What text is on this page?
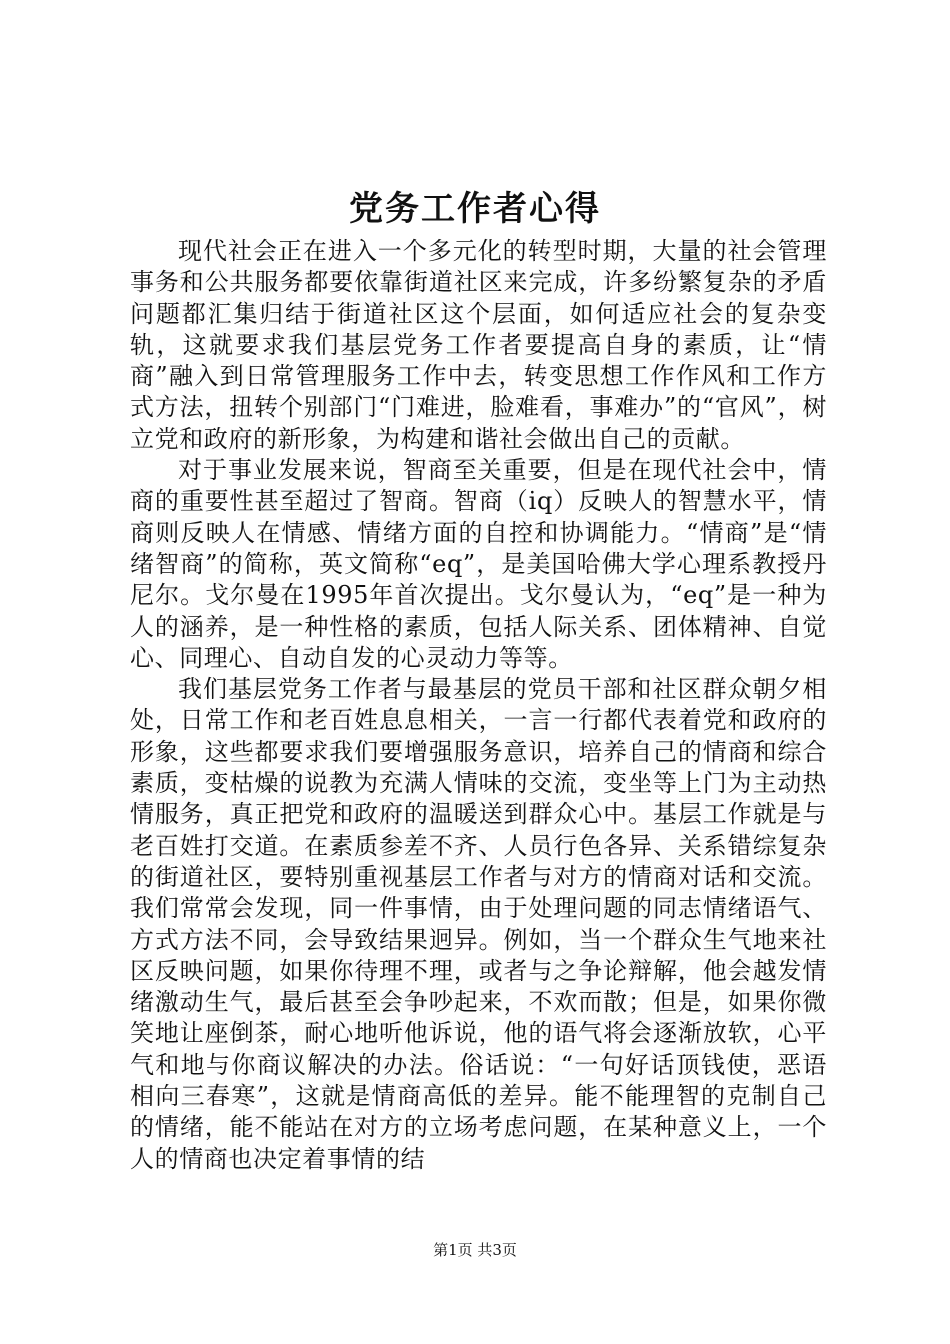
党务工作者心得

现代社会正在进入一个多元化的转型时期，大量的社会管理事务和公共服务都要依靠街道社区来完成，许多纷繁复杂的矛盾问题都汇集归结于街道社区这个层面，如何适应社会的复杂变轨，这就要求我们基层党务工作者要提高自身的素质，让“情商”融入到日常管理服务工作中去，转变思想工作作风和工作方式方法，扭转个别部门“门难进，脸难看，事难办”的“官风”，树立党和政府的新形象，为构建和谐社会做出自己的贡献。

对于事业发展来说，智商至关重要，但是在现代社会中，情商的重要性甚至超过了智商。智商（iq）反映人的智慧水平，情商则反映人在情感、情绪方面的自控和协调能力。“情商”是“情绪智商”的简称，英文简称“eq”，是美国哈佛大学心理系教授丹尼尔。戈尔曼在1995年首次提出。戈尔曼认为，“eq”是一种为人的涵养，是一种性格的素质，包括人际关系、团体精神、自觉心、同理心、自动自发的心灵动力等等。

我们基层党务工作者与最基层的党员干部和社区群众朝夕相处，日常工作和老百姓息息相关，一言一行都代表着党和政府的形象，这些都要求我们要增强服务意识，培养自己的情商和综合素质，变枯燥的说教为充满人情味的交流，变坐等上门为主动热情服务，真正把党和政府的温暖送到群众心中。基层工作就是与老百姓打交道。在素质参差不齐、人员行色各异、关系错综复杂的街道社区，要特别重视基层工作者与对方的情商对话和交流。我们常常会发现，同一件事情，由于处理问题的同志情绪语气、方式方法不同，会导致结果迥异。例如，当一个群众生气地来社区反映问题，如果你待理不理，或者与之争论辩解，他会越发情绪激动生气，最后甚至会争吵起来，不欢而散；但是，如果你微笑地让座倒茶，耐心地听他诉说，他的语气将会逐渐放软，心平气和地与你商议解决的办法。俗话说：“一句好话顶钱使，恶语相向三春寒”，这就是情商高低的差异。能不能理智的克制自己的情绪，能不能站在对方的立场考虑问题，在某种意义上，一个人的情商也决定着事情的结

第1页 共3页
